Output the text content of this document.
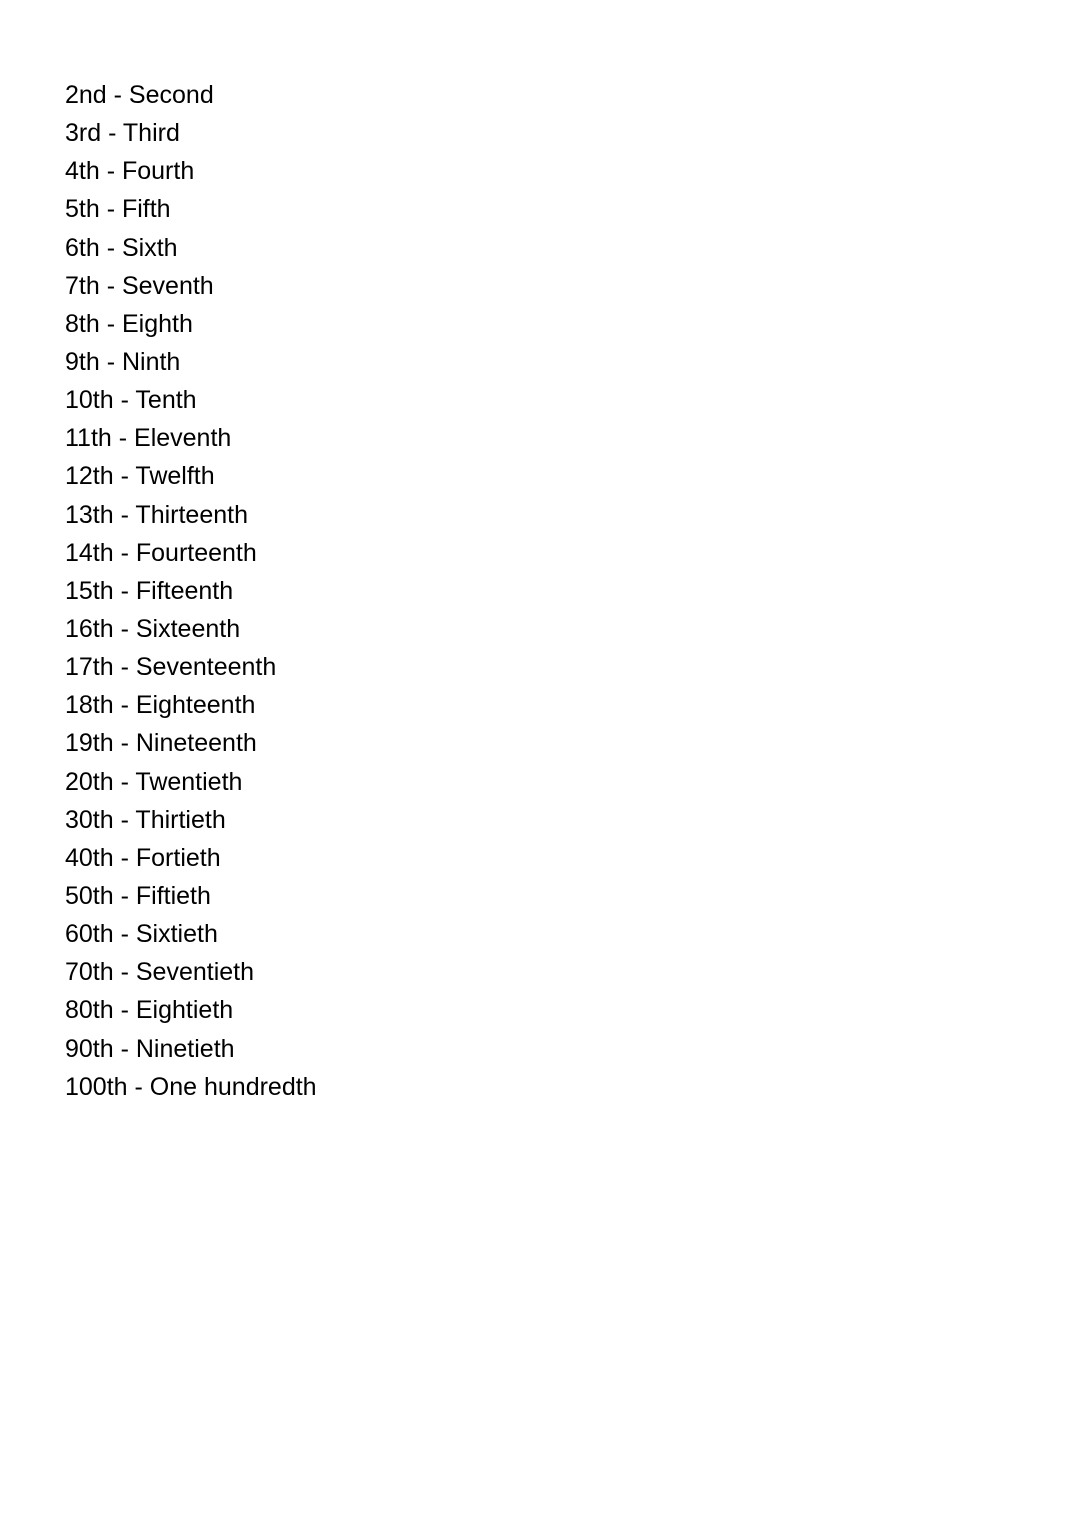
2nd - Second
3rd - Third
4th - Fourth
5th - Fifth
6th - Sixth
7th - Seventh
8th - Eighth
9th - Ninth
10th - Tenth
11th - Eleventh
12th - Twelfth
13th - Thirteenth
14th - Fourteenth
15th - Fifteenth
16th - Sixteenth
17th - Seventeenth
18th - Eighteenth
19th - Nineteenth
20th - Twentieth
30th - Thirtieth
40th - Fortieth
50th - Fiftieth
60th - Sixtieth
70th - Seventieth
80th - Eightieth
90th - Ninetieth
100th - One hundredth
